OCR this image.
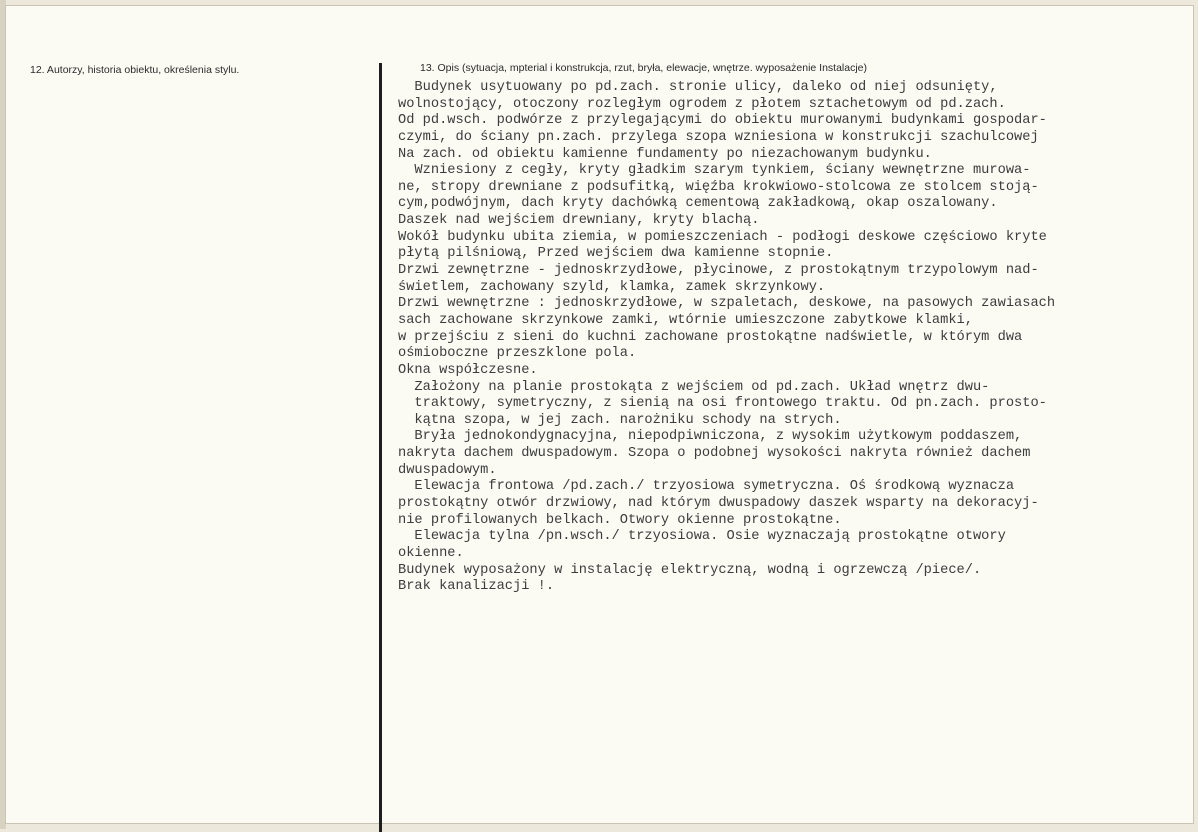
12. Autorzy, historia obiektu, określenia stylu.	13. Opis (sytuacja, mpterial i konstrukcja, rzut, bryła, elewacje, wnętrze. wyposażenie Instalacje)
Budynek usytuowany po pd.zach. stronie ulicy, daleko od niej odsunięty,
wolnostojący, otoczony rozległym ogrodem z płotem sztachetowym od pd.zach.
Od pd.wsch. podwórze z przylegającymi do obiektu murowanymi budynkami gospodar-
czymi, do ściany pn.zach. przylega szopa wzniesiona w konstrukcji szachulcowej
Na zach. od obiektu kamienne fundamenty po niezachowanym budynku.
Wzniesiony z cegły, kryty gładkim szarym tynkiem, ściany wewnętrzne murowa-
ne, stropy drewniane z podsufitką, więźba krokwiowo-stolcowa ze stolcem stoją-
cym,podwójnym, dach kryty dachówką cementową zakładkową, okap oszalowany.
Daszek nad wejściem drewniany, kryty blachą.
Wokół budynku ubita ziemia, w pomieszczeniach - podłogi deskowe częściowo kryte
płytą pilśniową, Przed wejściem dwa kamienne stopnie.
Drzwi zewnętrzne - jednoskrzydłowe, płycinowe, z prostokątnym trzypolowym nad-
świetlem, zachowany szyld, klamka, zamek skrzynkowy.
Drzwi wewnętrzne : jednoskrzydłowe, w szpaletach, deskowe, na pasowych zawiasach
sach zachowane skrzynkowe zamki, wtórnie umieszczone zabytkowe klamki,
w przejściu z sieni do kuchni zachowane prostokątne nadświetle, w którym dwa
ośmioboczne przeszklone pola.
Okna współczesne.
Założony na planie prostokąta z wejściem od pd.zach. Układ wnętrz dwu-
traktowy, symetryczny, z sienią na osi frontowego traktu. Od pn.zach. prosto-
kątna szopa, w jej zach. narożniku schody na strych.
Bryła jednokondygnacyjna, niepodpiwniczona, z wysokim użytkowym poddaszem,
nakryta dachem dwuspadowym. Szopa o podobnej wysokości nakryta również dachem
dwuspadowym.
Elewacja frontowa /pd.zach./ trzyosiowa symetryczna. Oś środkową wyznacza
prostokątny otwór drzwiowy, nad którym dwuspadowy daszek wsparty na dekoracyj-
nie profilowanych belkach. Otwory okienne prostokątne.
Elewacja tylna /pn.wsch./ trzyosiowa. Osie wyznaczają prostokątne otwory
okienne.
Budynek wyposażony w instalację elektryczną, wodną i ogrzewczą /piece/.
Brak kanalizacji !.
